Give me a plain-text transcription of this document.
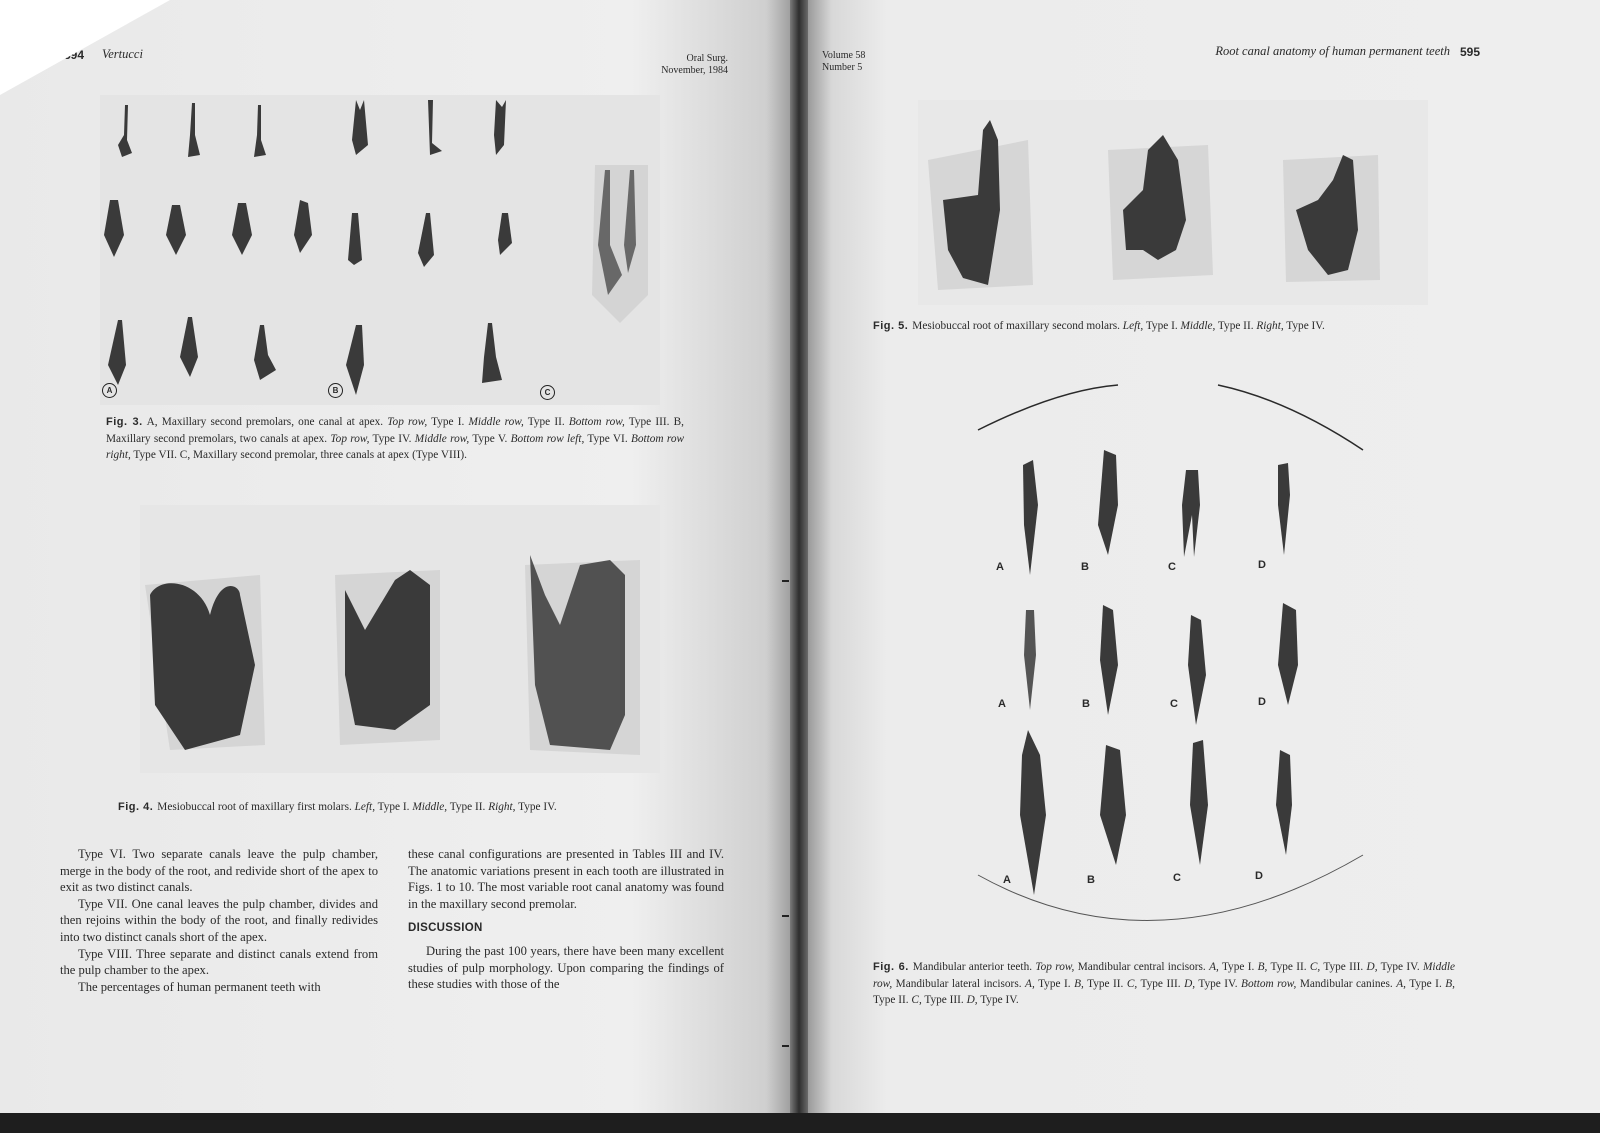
594 Vertucci	Oral Surg.
November, 1984
A	B	C
Fig. 3. A, Maxillary second premolars, one canal at apex. Top row, Type I. Middle row, Type II. Bottom row, Type III. B, Maxillary second premolars, two canals at apex. Top row, Type IV. Middle row, Type V. Bottom row left, Type VI. Bottom row right, Type VII. C, Maxillary second premolar, three canals at apex (Type VIII).
Fig. 4. Mesiobuccal root of maxillary first molars. Left, Type I. Middle, Type II. Right, Type IV.

Type VI. Two separate canals leave the pulp chamber, merge in the body of the root, and redivide short of the apex to exit as two distinct canals.

Type VII. One canal leaves the pulp chamber, divides and then rejoins within the body of the root, and finally redivides into two distinct canals short of the apex.

Type VIII. Three separate and distinct canals extend from the pulp chamber to the apex.

The percentages of human permanent teeth with

these canal configurations are presented in Tables III and IV. The anatomic variations present in each tooth are illustrated in Figs. 1 to 10. The most variable root canal anatomy was found in the maxillary second premolar.

DISCUSSION

During the past 100 years, there have been many excellent studies of pulp morphology. Upon comparing the findings of these studies with those of the

Volume 58
Number 5
Root canal anatomy of human permanent teeth 595
Fig. 5. Mesiobuccal root of maxillary second molars. Left, Type I. Middle, Type II. Right, Type IV.
A	B	C	D
A	B	C	D
A	B	C	D
Fig. 6. Mandibular anterior teeth. Top row, Mandibular central incisors. A, Type I. B, Type II. C, Type III. D, Type IV. Middle row, Mandibular lateral incisors. A, Type I. B, Type II. C, Type III. D, Type IV. Bottom row, Mandibular canines. A, Type I. B, Type II. C, Type III. D, Type IV.
